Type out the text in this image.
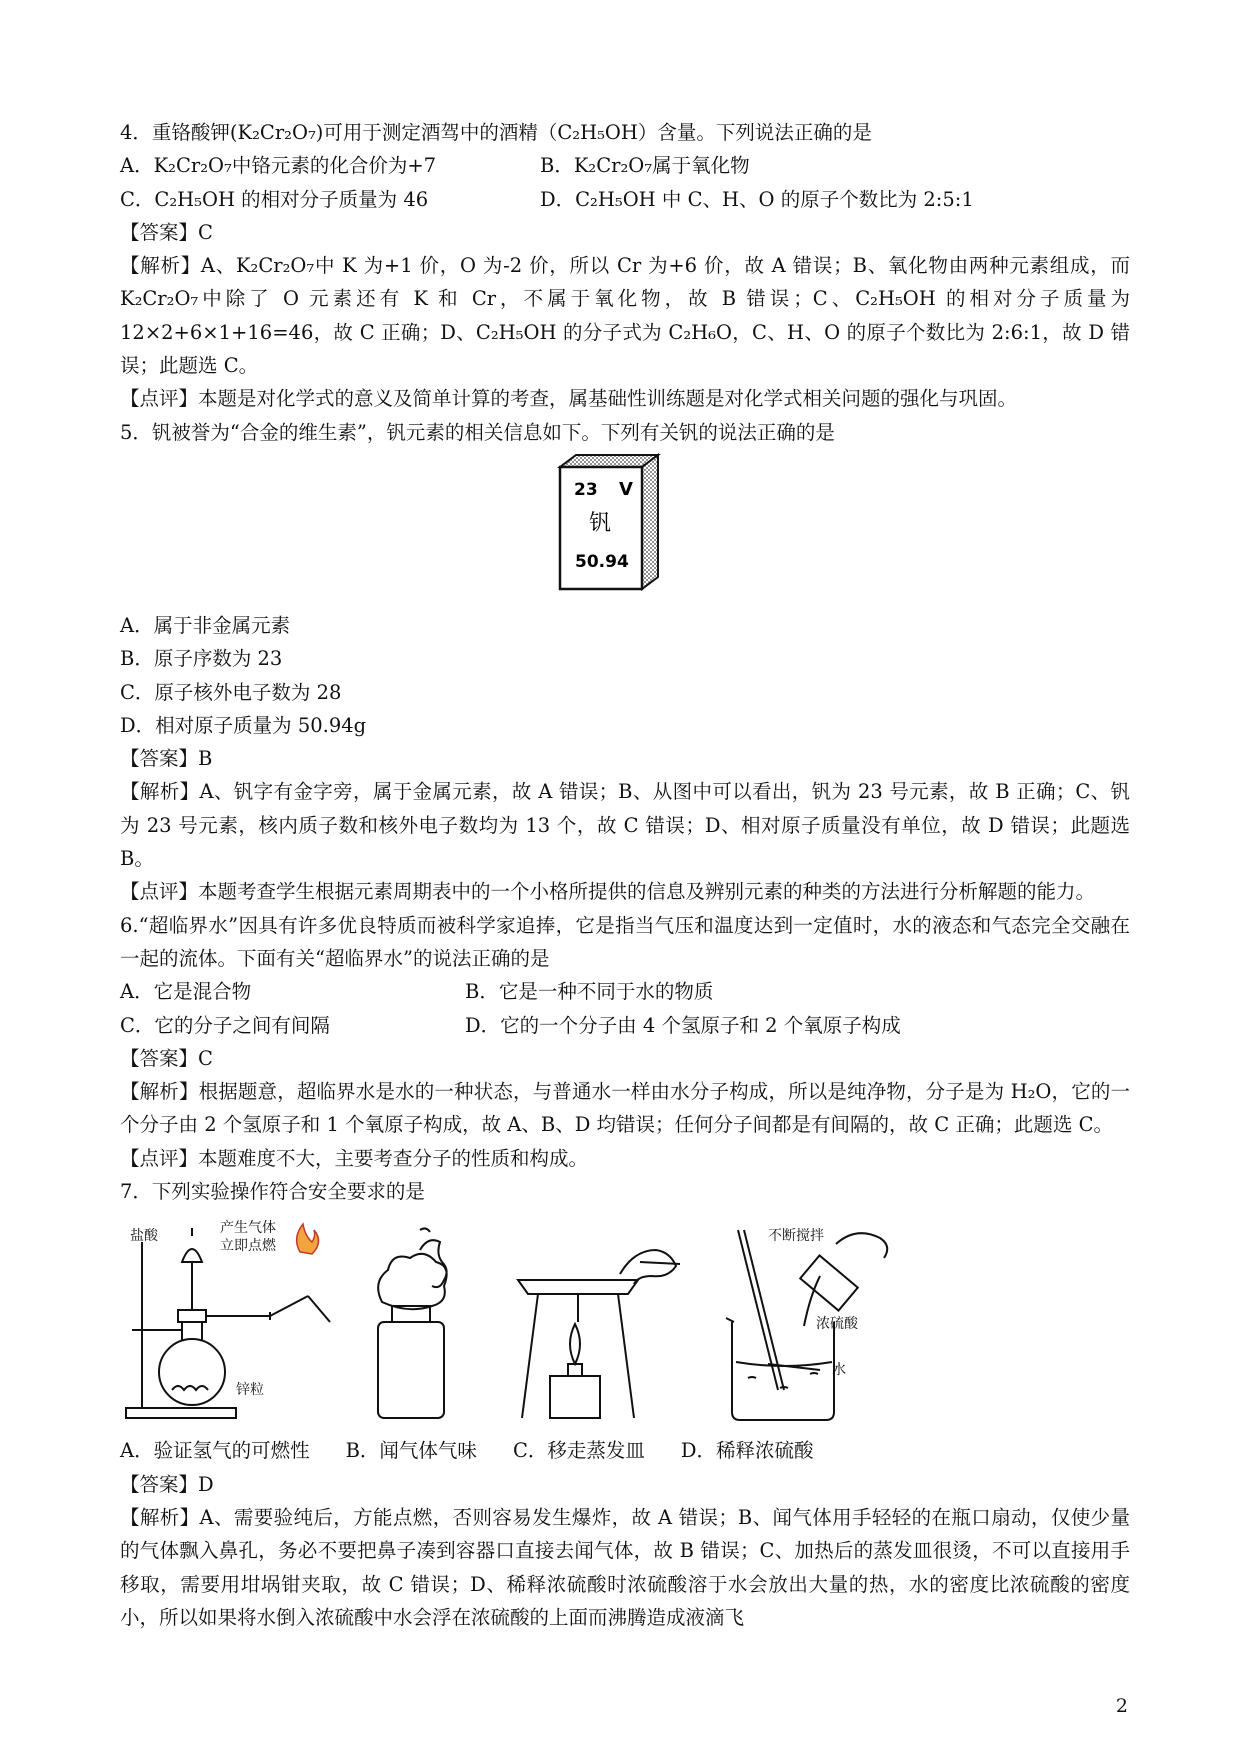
4．重铬酸钾(K₂Cr₂O₇)可用于测定酒驾中的酒精（C₂H₅OH）含量。下列说法正确的是
A．K₂Cr₂O₇中铬元素的化合价为+7	B．K₂Cr₂O₇属于氧化物
C．C₂H₅OH 的相对分子质量为 46	D．C₂H₅OH 中 C、H、O 的原子个数比为 2:5:1
【答案】C
【解析】A、K₂Cr₂O₇中 K 为+1 价，O 为-2 价，所以 Cr 为+6 价，故 A 错误；B、氧化物由两种元素组成，而 K₂Cr₂O₇中除了 O 元素还有 K 和 Cr，不属于氧化物，故 B 错误；C、C₂H₅OH 的相对分子质量为 12×2+6×1+16=46，故 C 正确；D、C₂H₅OH 的分子式为 C₂H₆O，C、H、O 的原子个数比为 2:6:1，故 D 错误；此题选 C。
【点评】本题是对化学式的意义及简单计算的考查，属基础性训练题是对化学式相关问题的强化与巩固。
5．钒被誉为“合金的维生素”，钒元素的相关信息如下。下列有关钒的说法正确的是
23 V
钒
50.94
A．属于非金属元素
B．原子序数为 23
C．原子核外电子数为 28
D．相对原子质量为 50.94g
【答案】B
【解析】A、钒字有金字旁，属于金属元素，故 A 错误；B、从图中可以看出，钒为 23 号元素，故 B 正确；C、钒为 23 号元素，核内质子数和核外电子数均为 13 个，故 C 错误；D、相对原子质量没有单位，故 D 错误；此题选 B。
【点评】本题考查学生根据元素周期表中的一个小格所提供的信息及辨别元素的种类的方法进行分析解题的能力。
6.“超临界水”因具有许多优良特质而被科学家追捧，它是指当气压和温度达到一定值时，水的液态和气态完全交融在一起的流体。下面有关“超临界水”的说法正确的是
A．它是混合物	B．它是一种不同于水的物质
C．它的分子之间有间隔	D．它的一个分子由 4 个氢原子和 2 个氧原子构成
【答案】C
【解析】根据题意，超临界水是水的一种状态，与普通水一样由水分子构成，所以是纯净物，分子是为 H₂O，它的一个分子由 2 个氢原子和 1 个氧原子构成，故 A、B、D 均错误；任何分子间都是有间隔的，故 C 正确；此题选 C。
【点评】本题难度不大，主要考查分子的性质和构成。
7．下列实验操作符合安全要求的是
盐酸	产生气体
立即点燃
锌粒
不断搅拌
浓硫酸
水
A．验证氢气的可燃性 B．闻气体气味 C．移走蒸发皿 D．稀释浓硫酸
【答案】D
【解析】A、需要验纯后，方能点燃，否则容易发生爆炸，故 A 错误；B、闻气体用手轻轻的在瓶口扇动，仅使少量的气体飘入鼻孔，务必不要把鼻子凑到容器口直接去闻气体，故 B 错误；C、加热后的蒸发皿很烫，不可以直接用手移取，需要用坩埚钳夹取，故 C 错误；D、稀释浓硫酸时浓硫酸溶于水会放出大量的热，水的密度比浓硫酸的密度小，所以如果将水倒入浓硫酸中水会浮在浓硫酸的上面而沸腾造成液滴飞
2
